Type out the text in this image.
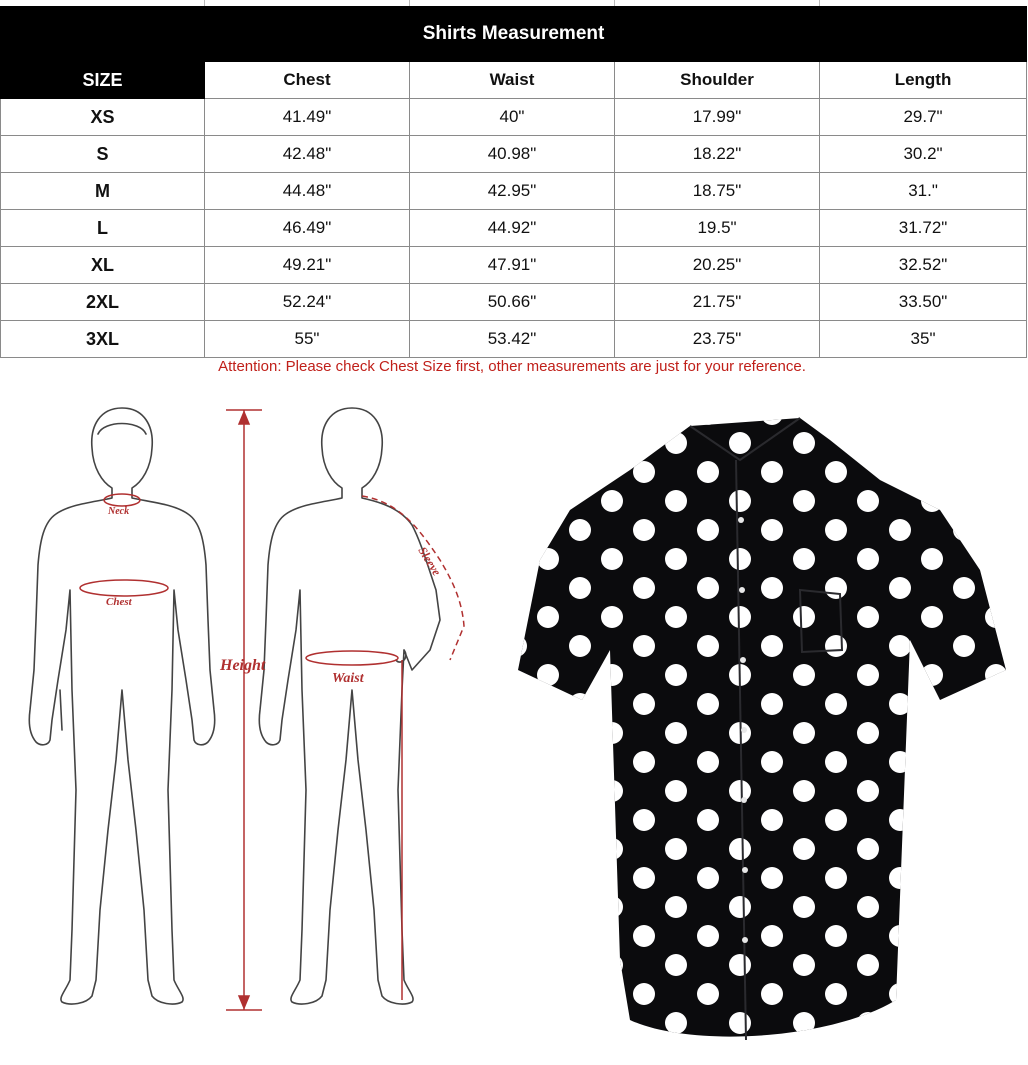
Shirts Measurement				
SIZE	Chest	Waist	Shoulder	Length
XS	41.49"	40"	17.99"	29.7"
S	42.48"	40.98"	18.22"	30.2"
M	44.48"	42.95"	18.75"	31."
L	46.49"	44.92"	19.5"	31.72"
XL	49.21"	47.91"	20.25"	32.52"
2XL	52.24"	50.66"	21.75"	33.50"
3XL	55"	53.42"	23.75"	35"
Attention: Please check Chest Size first, other measurements are just for your reference.
Neck
Chest
Waist
Height
Sleeve
